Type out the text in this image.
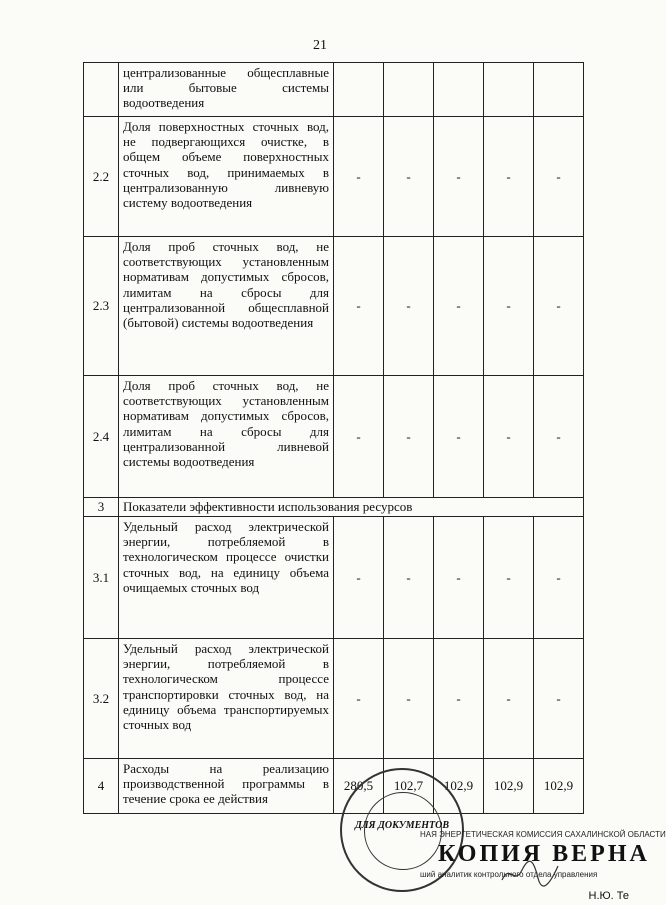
21
	централизованные общесплавные или бытовые системы водоотведения					
2.2	Доля поверхностных сточных вод, не подвергающихся очистке, в общем объеме поверхностных сточных вод, принимаемых в централизованную ливневую систему водоотведения	-	-	-	-	-
2.3	Доля проб сточных вод, не соответствующих установленным нормативам допустимых сбросов, лимитам на сбросы для централизованной общесплавной (бытовой) системы водоотведения	-	-	-	-	-
2.4	Доля проб сточных вод, не соответствующих установленным нормативам допустимых сбросов, лимитам на сбросы для централизованной ливневой системы водоотведения	-	-	-	-	-
3	Показатели эффективности использования ресурсов					
3.1	Удельный расход электрической энергии, потребляемой в технологическом процессе очистки сточных вод, на единицу объема очищаемых сточных вод	-	-	-	-	-
3.2	Удельный расход электрической энергии, потребляемой в технологическом процессе транспортировки сточных вод, на единицу объема транспортируемых сточных вод	-	-	-	-	-
4	Расходы на реализацию производственной программы в течение срока ее действия	280,5	102,7	102,9	102,9	102,9
ДЛЯ ДОКУМЕНТОВ
НАЯ ЭНЕРГЕТИЧЕСКАЯ КОМИССИЯ САХАЛИНСКОЙ ОБЛАСТИ
КОПИЯ ВЕРНА
ший аналитик контрольного отдела управления
Н.Ю. Те
